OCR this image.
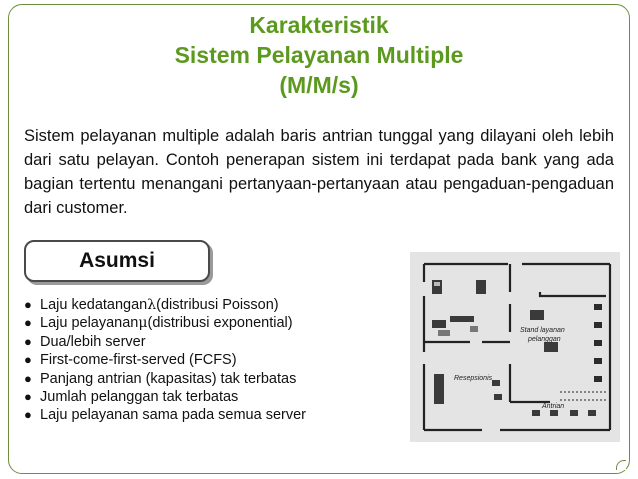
Karakteristik
Sistem Pelayanan Multiple
(M/M/s)

Sistem pelayanan multiple adalah baris antrian tunggal yang dilayani oleh lebih dari satu pelayan. Contoh penerapan sistem ini terdapat pada bank yang ada bagian tertentu menangani pertanyaan-pertanyaan atau pengaduan-pengaduan dari customer.

Asumsi
● Laju kedatangan λ (distribusi Poisson)
● Laju pelayanan μ (distribusi exponential)
● Dua/lebih server
● First-come-first-served (FCFS)
● Panjang antrian (kapasitas) tak terbatas
● Jumlah pelanggan tak terbatas
● Laju pelayanan sama pada semua server
Stand layanan
pelanggan
Resepsionis
Antrian
